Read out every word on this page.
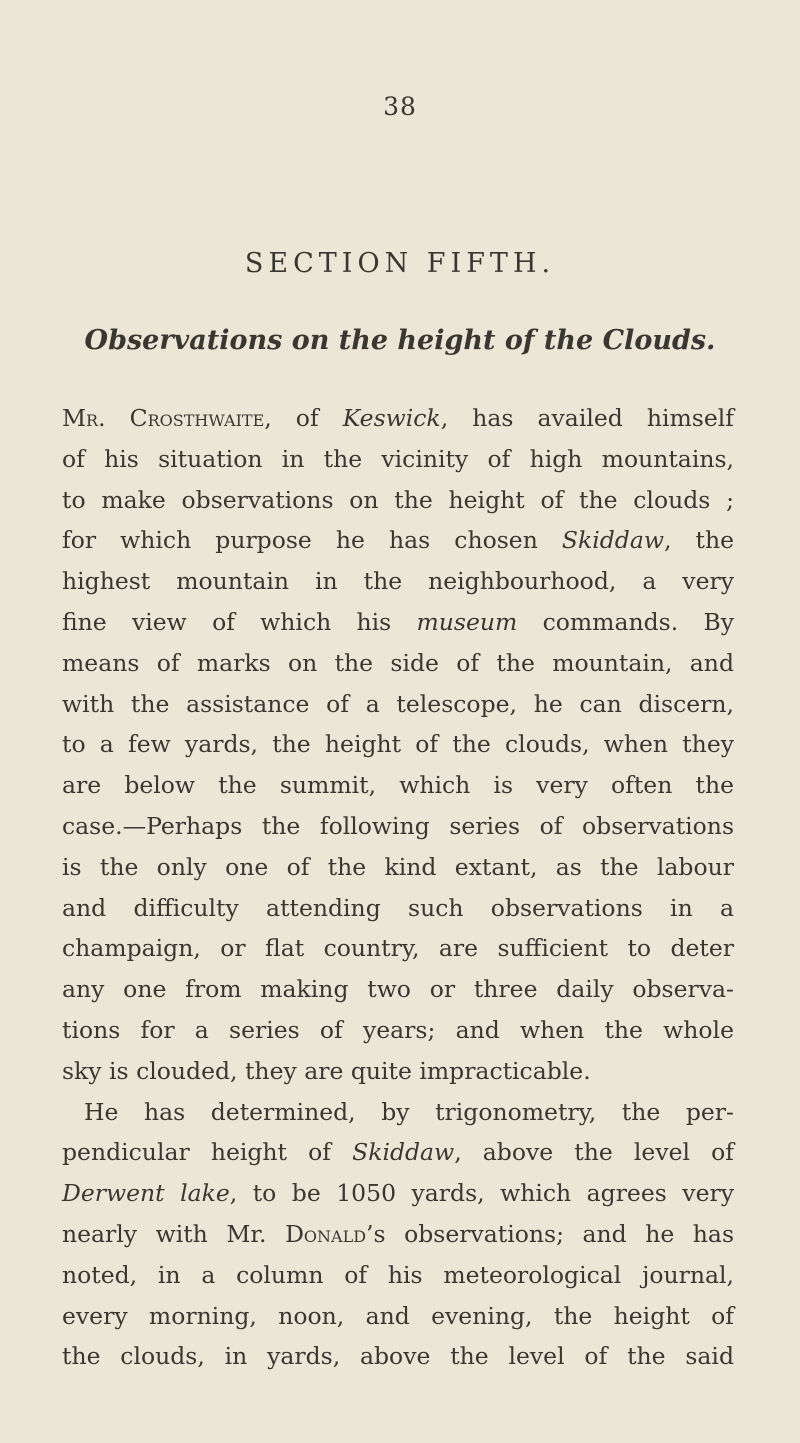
38
SECTION FIFTH.
Observations on the height of the Clouds.
Mr. Crosthwaite, of Keswick, has availed himself
of his situation in the vicinity of high mountains,
to make observations on the height of the clouds ;
for which purpose he has chosen Skiddaw, the
highest mountain in the neighbourhood, a very
fine view of which his museum commands. By
means of marks on the side of the mountain, and
with the assistance of a telescope, he can discern,
to a few yards, the height of the clouds, when they
are below the summit, which is very often the
case.—Perhaps the following series of observations
is the only one of the kind extant, as the labour
and difficulty attending such observations in a
champaign, or flat country, are sufficient to deter
any one from making two or three daily observa-
tions for a series of years; and when the whole
sky is clouded, they are quite impracticable.
He has determined, by trigonometry, the per-
pendicular height of Skiddaw, above the level of
Derwent lake, to be 1050 yards, which agrees very
nearly with Mr. Donald’s observations; and he has
noted, in a column of his meteorological journal,
every morning, noon, and evening, the height of
the clouds, in yards, above the level of the said
